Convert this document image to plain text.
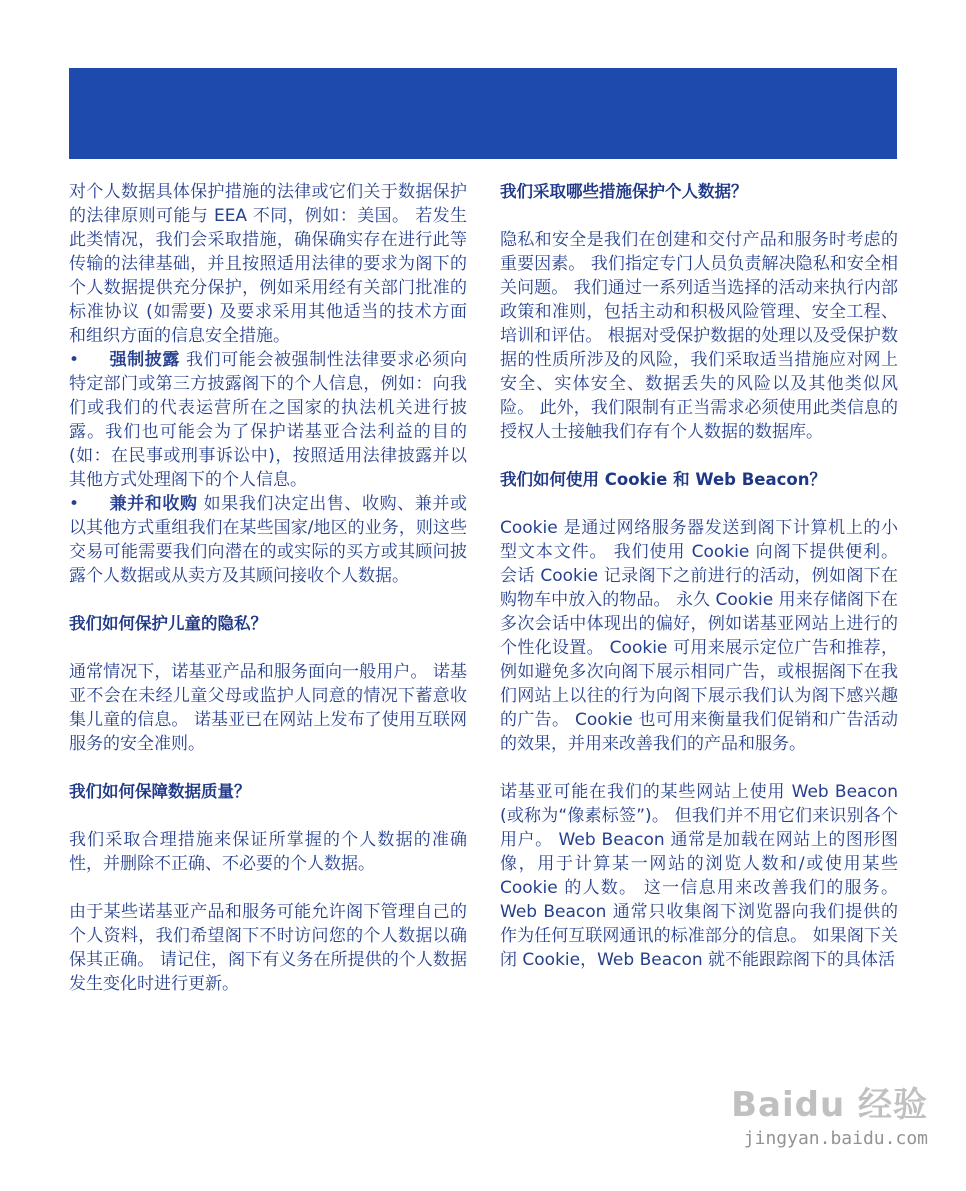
对个人数据具体保护措施的法律或它们关于数据保护的法律原则可能与 EEA 不同，例如：美国。 若发生此类情况，我们会采取措施，确保确实存在进行此等传输的法律基础，并且按照适用法律的要求为阁下的个人数据提供充分保护，例如采用经有关部门批准的标准协议 (如需要) 及要求采用其他适当的技术方面和组织方面的信息安全措施。

• 强制披露 我们可能会被强制性法律要求必须向特定部门或第三方披露阁下的个人信息，例如：向我们或我们的代表运营所在之国家的执法机关进行披露。我们也可能会为了保护诺基亚合法利益的目的 (如：在民事或刑事诉讼中)，按照适用法律披露并以其他方式处理阁下的个人信息。

• 兼并和收购 如果我们决定出售、收购、兼并或以其他方式重组我们在某些国家/地区的业务，则这些交易可能需要我们向潜在的或实际的买方或其顾问披露个人数据或从卖方及其顾问接收个人数据。

我们如何保护儿童的隐私？

通常情况下，诺基亚产品和服务面向一般用户。 诺基亚不会在未经儿童父母或监护人同意的情况下蓄意收集儿童的信息。 诺基亚已在网站上发布了使用互联网服务的安全准则。

我们如何保障数据质量？

我们采取合理措施来保证所掌握的个人数据的准确性，并删除不正确、不必要的个人数据。

由于某些诺基亚产品和服务可能允许阁下管理自己的个人资料，我们希望阁下不时访问您的个人数据以确保其正确。 请记住，阁下有义务在所提供的个人数据发生变化时进行更新。

我们采取哪些措施保护个人数据？

隐私和安全是我们在创建和交付产品和服务时考虑的重要因素。 我们指定专门人员负责解决隐私和安全相关问题。 我们通过一系列适当选择的活动来执行内部政策和准则，包括主动和积极风险管理、安全工程、培训和评估。 根据对受保护数据的处理以及受保护数据的性质所涉及的风险，我们采取适当措施应对网上安全、实体安全、数据丢失的风险以及其他类似风险。 此外，我们限制有正当需求必须使用此类信息的授权人士接触我们存有个人数据的数据库。

我们如何使用 Cookie 和 Web Beacon？

Cookie 是通过网络服务器发送到阁下计算机上的小型文本文件。 我们使用 Cookie 向阁下提供便利。 会话 Cookie 记录阁下之前进行的活动，例如阁下在购物车中放入的物品。 永久 Cookie 用来存储阁下在多次会话中体现出的偏好，例如诺基亚网站上进行的个性化设置。 Cookie 可用来展示定位广告和推荐，例如避免多次向阁下展示相同广告，或根据阁下在我们网站上以往的行为向阁下展示我们认为阁下感兴趣的广告。 Cookie 也可用来衡量我们促销和广告活动的效果，并用来改善我们的产品和服务。

诺基亚可能在我们的某些网站上使用 Web Beacon (或称为“像素标签”)。 但我们并不用它们来识别各个用户。 Web Beacon 通常是加载在网站上的图形图像，用于计算某一网站的浏览人数和/或使用某些 Cookie 的人数。 这一信息用来改善我们的服务。 Web Beacon 通常只收集阁下浏览器向我们提供的作为任何互联网通讯的标准部分的信息。 如果阁下关闭 Cookie，Web Beacon 就不能跟踪阁下的具体活

Baidu 经验
jingyan.baidu.com
